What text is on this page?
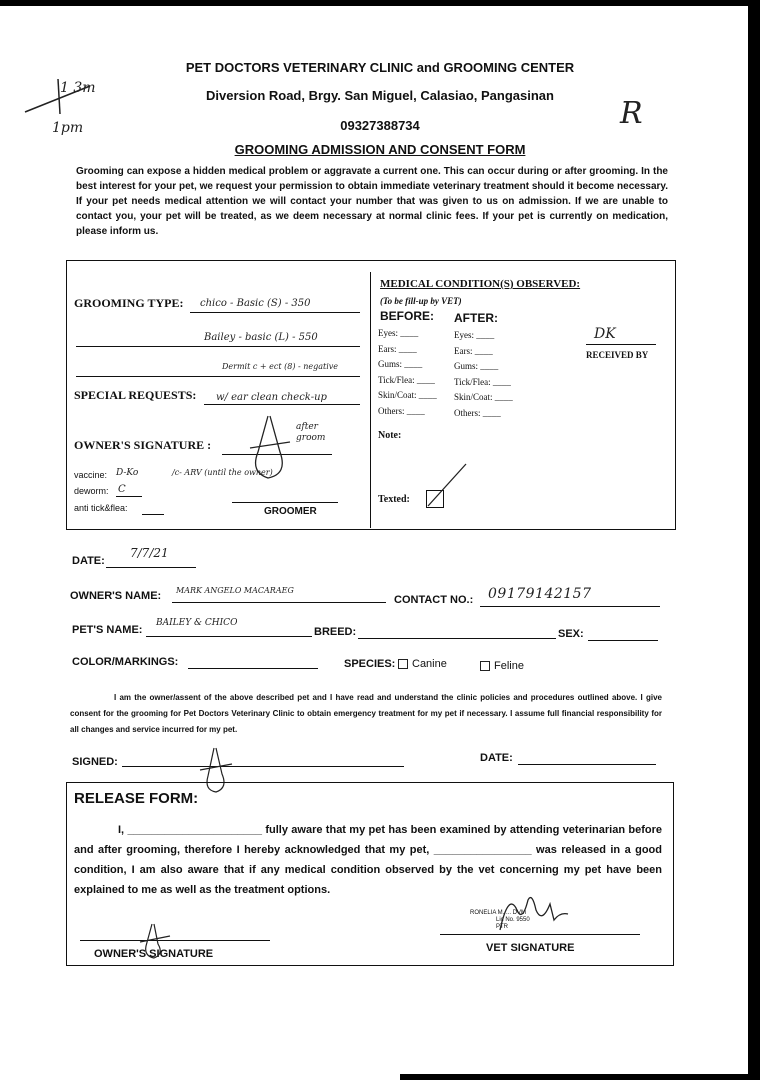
1 3m
1pm	R
PET DOCTORS VETERINARY CLINIC and GROOMING CENTER
Diversion Road, Brgy. San Miguel, Calasiao, Pangasinan
09327388734
GROOMING ADMISSION AND CONSENT FORM
Grooming can expose a hidden medical problem or aggravate a current one. This can occur during or after grooming. In the best interest for your pet, we request your permission to obtain immediate veterinary treatment should it become necessary. If your pet needs medical attention we will contact your number that was given to us on admission. If we are unable to contact you, your pet will be treated, as we deem necessary at normal clinic fees. If your pet is currently on medication, please inform us.
GROOMING TYPE: chico - Basic (S) - 350
Bailey - basic (L) - 550
Dermit c + ect (8) - negative
SPECIAL REQUESTS: w/ ear clean check-up
OWNER'S SIGNATURE :
after groom
vaccine: D-Ko	/c- ARV (until the owner)
deworm: C
anti tick&flea:	GROOMER
MEDICAL CONDITION(S) OBSERVED:
(To be fill-up by VET)
BEFORE: AFTER:
Eyes: ____
Ears: ____
Gums: ____
Tick/Flea: ____
Skin/Coat: ____
Others: ____
Eyes: ____
Ears: ____
Gums: ____
Tick/Flea: ____
Skin/Coat: ____
Others: ____
DK
RECEIVED BY
Note:
Texted:
DATE:
7/7/21
OWNER'S NAME: MARK ANGELO MACARAEG
CONTACT NO.: 09179142157
PET'S NAME:
BAILEY & CHICO
BREED:	SEX:
COLOR/MARKINGS:	SPECIES:	Canine	Feline
I am the owner/assent of the above described pet and I have read and understand the clinic policies and procedures outlined above. I give consent for the grooming for Pet Doctors Veterinary Clinic to obtain emergency treatment for my pet if necessary. I assume full financial responsibility for all changes and service incurred for my pet.
SIGNED:	DATE:
RELEASE FORM:
I, ______________________ fully aware that my pet has been examined by attending veterinarian before and after grooming, therefore I hereby acknowledged that my pet, ________________ was released in a good condition, I am also aware that if any medical condition observed by the vet concerning my pet have been explained to me as well as the treatment options.
OWNER'S SIGNATURE	VET SIGNATURE
RONELIA M. ... DVM
Lic No. 9550
PTR
